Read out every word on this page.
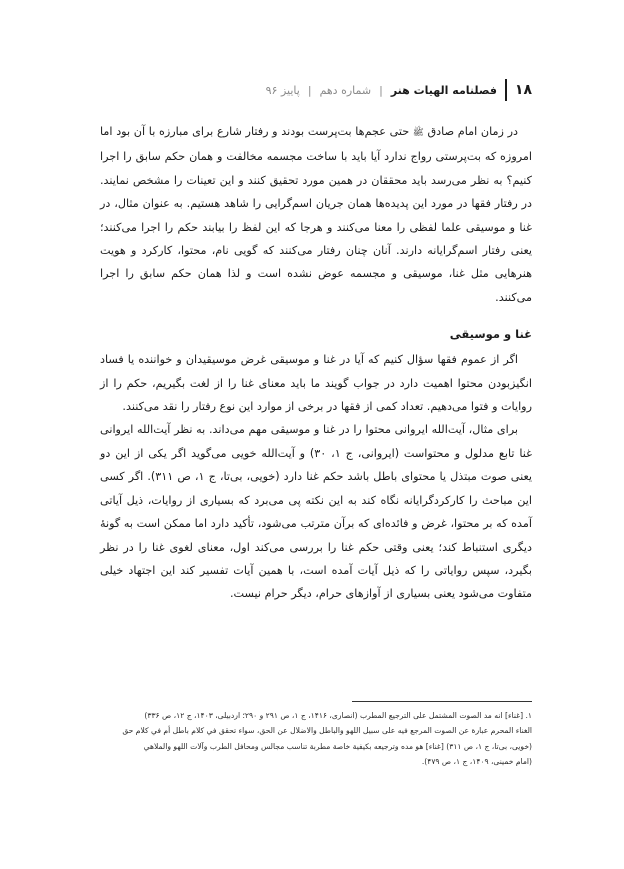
۱۸
فصلنامه الهیات هنر
|
شماره دهم
|
پاییز ۹۶

در زمان امام صادق ﷺ حتی عجم‌ها بت‌پرست بودند و رفتار شارع برای مبارزه با آن بود اما امروزه که بت‌پرستی رواج ندارد آیا باید با ساخت مجسمه مخالفت و همان حکم سابق را اجرا کنیم؟ به نظر می‌رسد باید محققان در همین مورد تحقیق کنند و این تعینات را مشخص نمایند. در رفتار فقها در مورد این پدیده‌ها همان جریان اسم‌گرایی را شاهد هستیم. به عنوان مثال، در غنا و موسیقی علما لفظی را معنا می‌کنند و هرجا که این لفظ را بیابند حکم را اجرا می‌کنند؛ یعنی رفتار اسم‌گرایانه دارند. آنان چنان رفتار می‌کنند که گویی نام، محتوا، کارکرد و هویت هنرهایی مثل غنا، موسیقی و مجسمه عوض نشده است و لذا همان حکم سابق را اجرا می‌کنند.

غنا و موسیقی

اگر از عموم فقها سؤال کنیم که آیا در غنا و موسیقی غرض موسیقیدان و خواننده یا فساد انگیزبودن محتوا اهمیت دارد در جواب گویند ما باید معنای غنا را از لغت بگیریم، حکم را از روایات و فتوا می‌دهیم. تعداد کمی از فقها در برخی از موارد این نوع رفتار را نقد می‌کنند.

برای مثال، آیت‌الله ایروانی محتوا را در غنا و موسیقی مهم می‌داند. به نظر آیت‌الله ایروانی غنا تابع مدلول و محتواست (ایروانی، ج ۱، ۳۰) و آیت‌الله خویی می‌گوید اگر یکی از این دو یعنی صوت مبتذل یا محتوای باطل باشد حکم غنا دارد (خویی، بی‌تا، ج ۱، ص ۳۱۱). اگر کسی این مباحث را کارکردگرایانه نگاه کند به این نکته پی می‌برد که بسیاری از روایات، ذیل آیاتی آمده که بر محتوا، غرض و فائده‌ای که برآن مترتب می‌شود، تأکید دارد اما ممکن است به گونهٔ دیگری استنباط کند؛ یعنی وقتی حکم غنا را بررسی می‌کند اول، معنای لغوی غنا را در نظر بگیرد، سپس روایاتی را که ذیل آیات آمده است، با همین آیات تفسیر کند این اجتهاد خیلی متفاوت می‌شود یعنی بسیاری از آوازهای حرام، دیگر حرام نیست.

۱. [غناء] انه مد الصوت المشتمل علی الترجیع المطرب (انصاری، ۱۴۱۶، ج ۱، ص ۲۹۱ و ۲۹۰؛ اردبیلی، ۱۴۰۳، ج ۱۲، ص ۳۳۶)

الغناء المحرم عبارة عن الصوت المرجع فيه علی سبيل اللهو والباطل والاضلال عن الحق، سواء تحقق في كلام باطل أم في كلام حق

(خویی، بی‌تا، ج ۱، ص ۳۱۱) [غناء] هو مده وترجيعه بكيفية خاصة مطربة تناسب مجالس ومحافل الطرب وآلات اللهو والملاهي

(امام خمینی، ۱۴۰۹، ج ۱، ص ۴۷۹).
